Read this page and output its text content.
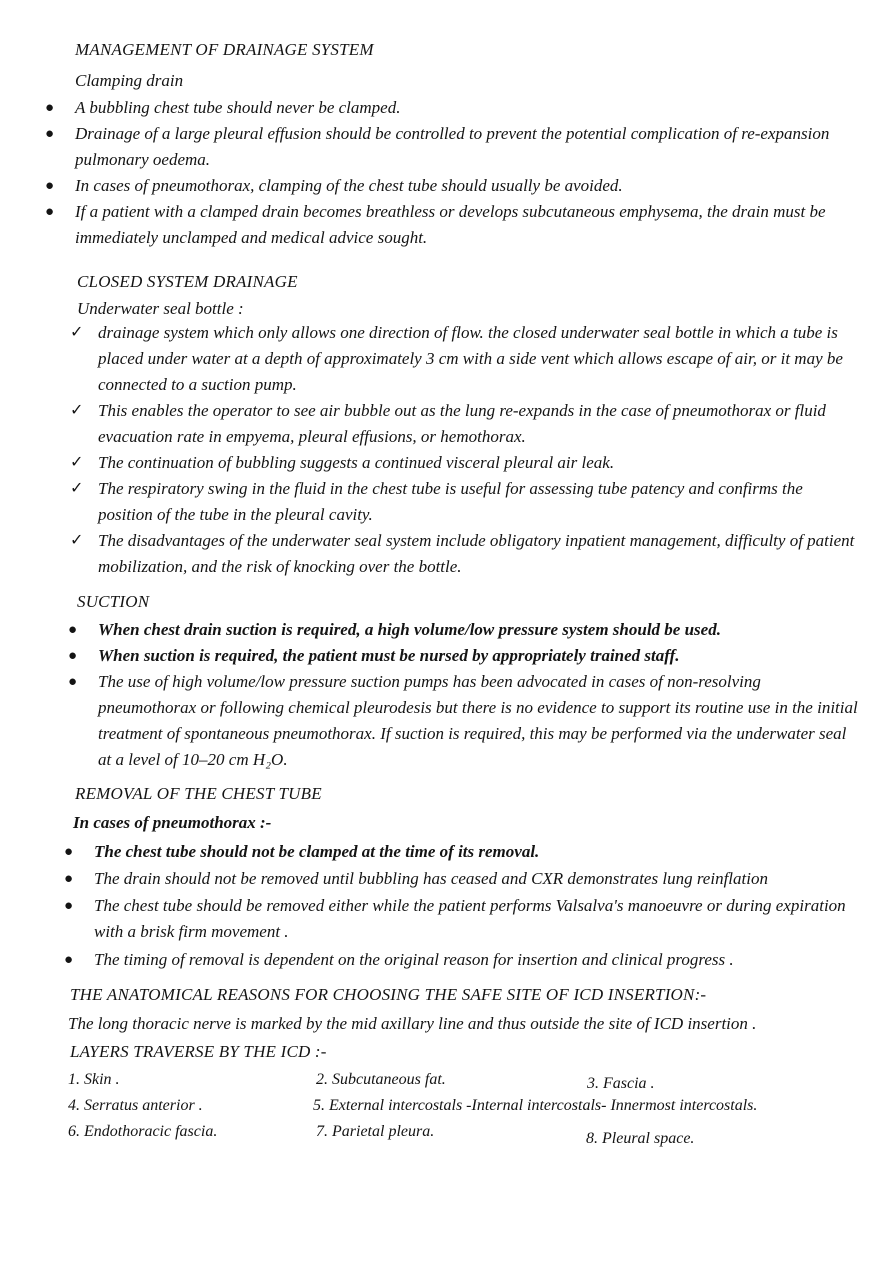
MANAGEMENT OF DRAINAGE SYSTEM
Clamping drain
● A bubbling chest tube should never be clamped.
● Drainage of a large pleural effusion should be controlled to prevent the potential complication of re-expansion pulmonary oedema.
● In cases of pneumothorax, clamping of the chest tube should usually be avoided.
● If a patient with a clamped drain becomes breathless or develops subcutaneous emphysema, the drain must be immediately unclamped and medical advice sought.
CLOSED SYSTEM DRAINAGE
Underwater seal bottle :
✓ drainage system which only allows one direction of flow. the closed underwater seal bottle in which a tube is placed under water at a depth of approximately 3 cm with a side vent which allows escape of air, or it may be connected to a suction pump.
✓ This enables the operator to see air bubble out as the lung re-expands in the case of pneumothorax or fluid evacuation rate in empyema, pleural effusions, or hemothorax.
✓ The continuation of bubbling suggests a continued visceral pleural air leak.
✓ The respiratory swing in the fluid in the chest tube is useful for assessing tube patency and confirms the position of the tube in the pleural cavity.
✓ The disadvantages of the underwater seal system include obligatory inpatient management, difficulty of patient mobilization, and the risk of knocking over the bottle.
SUCTION
● When chest drain suction is required, a high volume/low pressure system should be used.
● When suction is required, the patient must be nursed by appropriately trained staff.
● The use of high volume/low pressure suction pumps has been advocated in cases of non-resolving pneumothorax or following chemical pleurodesis but there is no evidence to support its routine use in the initial treatment of spontaneous pneumothorax. If suction is required, this may be performed via the underwater seal at a level of 10–20 cm H₂O.
REMOVAL OF THE CHEST TUBE
In cases of pneumothorax :-
● The chest tube should not be clamped at the time of its removal.
● The drain should not be removed until bubbling has ceased and CXR demonstrates lung reinflation
● The chest tube should be removed either while the patient performs Valsalva's manoeuvre or during expiration with a brisk firm movement .
● The timing of removal is dependent on the original reason for insertion and clinical progress .
THE ANATOMICAL REASONS FOR CHOOSING THE SAFE SITE OF ICD INSERTION:-
The long thoracic nerve is marked by the mid axillary line and thus outside the site of ICD insertion .
LAYERS TRAVERSE BY THE ICD :-
1. Skin .	2. Subcutaneous fat.	3. Fascia .
4. Serratus anterior .	5. External intercostals -Internal intercostals- Innermost intercostals.
6. Endothoracic fascia.	7. Parietal pleura.	8. Pleural space.
